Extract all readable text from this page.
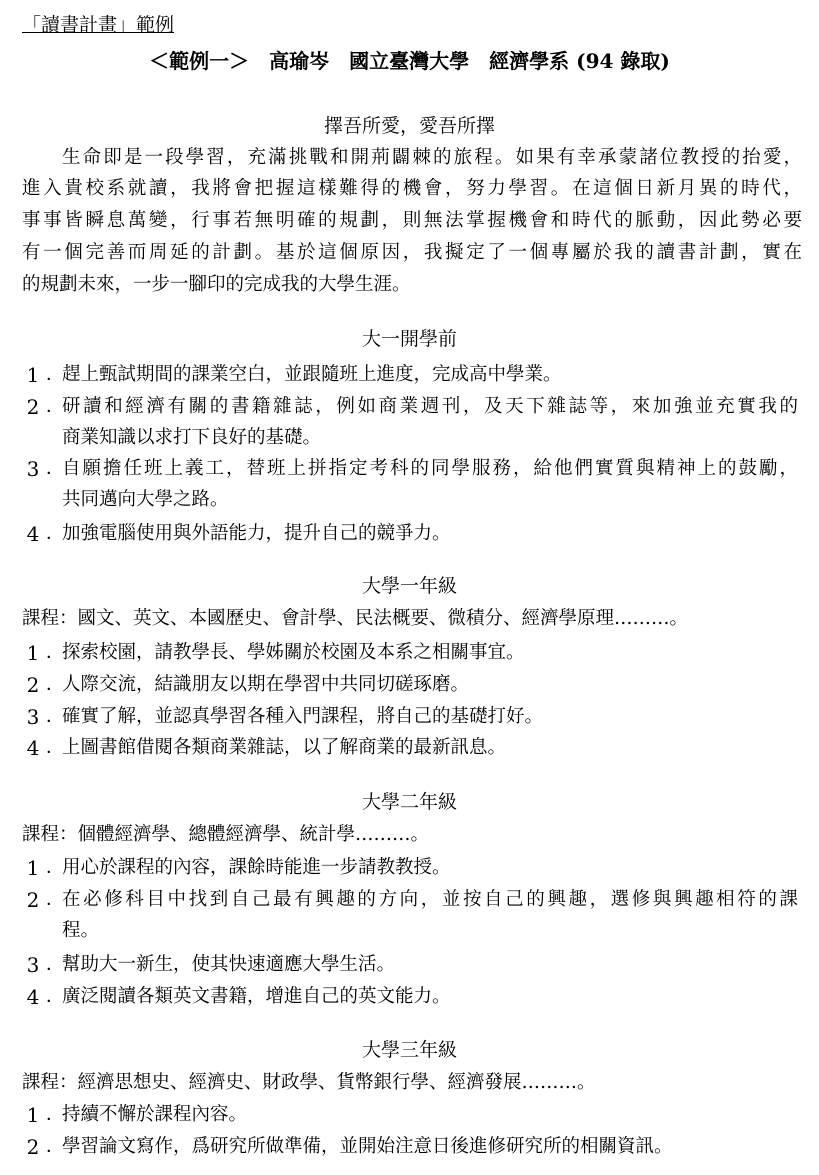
「讀書計畫」範例
＜範例一＞　高瑜岑　國立臺灣大學　經濟學系 (94 錄取)
擇吾所愛，愛吾所擇
生命即是一段學習，充滿挑戰和開荊闢棘的旅程。如果有幸承蒙諸位教授的抬愛，
進入貴校系就讀，我將會把握這樣難得的機會，努力學習。在這個日新月異的時代，
事事皆瞬息萬變，行事若無明確的規劃，則無法掌握機會和時代的脈動，因此勢必要
有一個完善而周延的計劃。基於這個原因，我擬定了一個專屬於我的讀書計劃，實在
的規劃未來，一步一腳印的完成我的大學生涯。
大一開學前
1 ．
趕上甄試期間的課業空白，並跟隨班上進度，完成高中學業。
2 ．
研讀和經濟有關的書籍雜誌，例如商業週刊，及天下雜誌等，來加強並充實我的
商業知識以求打下良好的基礎。
3 ．
自願擔任班上義工，替班上拼指定考科的同學服務，給他們實質與精神上的鼓勵，
共同邁向大學之路。
4 ．
加強電腦使用與外語能力，提升自己的競爭力。
大學一年級
課程：國文、英文、本國歷史、會計學、民法概要、微積分、經濟學原理………。
1 ．
探索校園，請教學長、學姊關於校園及本系之相關事宜。
2 ．
人際交流，結識朋友以期在學習中共同切磋琢磨。
3 ．
確實了解，並認真學習各種入門課程，將自己的基礎打好。
4 ．
上圖書館借閱各類商業雜誌，以了解商業的最新訊息。
大學二年級
課程：個體經濟學、總體經濟學、統計學………。
1 ．
用心於課程的內容，課餘時能進一步請教教授。
2 ．
在必修科目中找到自己最有興趣的方向，並按自己的興趣，選修與興趣相符的課
程。
3 ．
幫助大一新生，使其快速適應大學生活。
4 ．
廣泛閱讀各類英文書籍，增進自己的英文能力。
大學三年級
課程：經濟思想史、經濟史、財政學、貨幣銀行學、經濟發展………。
1 ．
持續不懈於課程內容。
2 ．
學習論文寫作，爲研究所做準備，並開始注意日後進修研究所的相關資訊。
